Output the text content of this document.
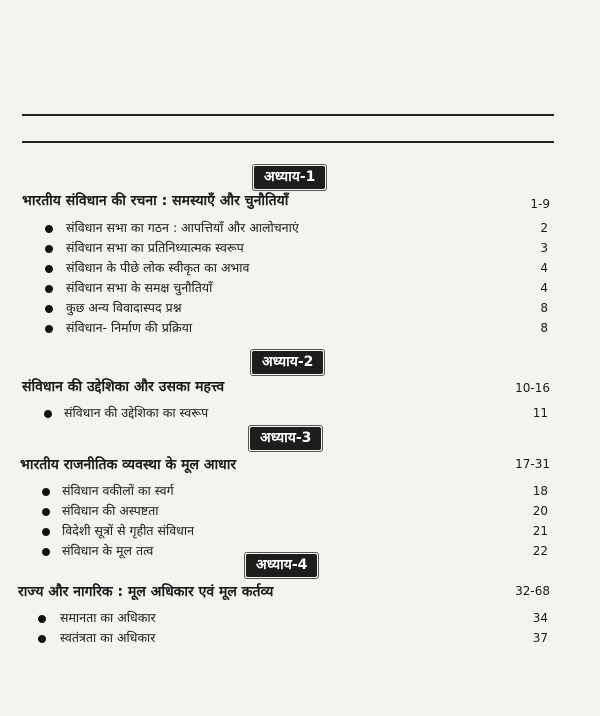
अध्याय-1
भारतीय संविधान की रचना : समस्याएँ और चुनौतियाँ	1-9
संविधान सभा का गठन : आपत्तियाँ और आलोचनाएं	2
संविधान सभा का प्रतिनिध्यात्मक स्वरूप	3
संविधान के पीछे लोक स्वीकृत का अभाव	4
संविधान सभा के समक्ष चुनौतियाँ	4
कुछ अन्य विवादास्पद प्रश्न	8
संविधान- निर्माण की प्रक्रिया	8
अध्याय-2
संविधान की उद्देशिका और उसका महत्त्व	10-16
संविधान की उद्देशिका का स्वरूप	11
अध्याय-3
भारतीय राजनीतिक व्यवस्था के मूल आधार	17-31
संविधान वकीलों का स्वर्ग	18
संविधान की अस्पष्टता	20
विदेशी सूत्रों से गृहीत संविधान	21
संविधान के मूल तत्व	22
अध्याय-4
राज्य और नागरिक : मूल अधिकार एवं मूल कर्तव्य	32-68
समानता का अधिकार	34
स्वतंत्रता का अधिकार	37
